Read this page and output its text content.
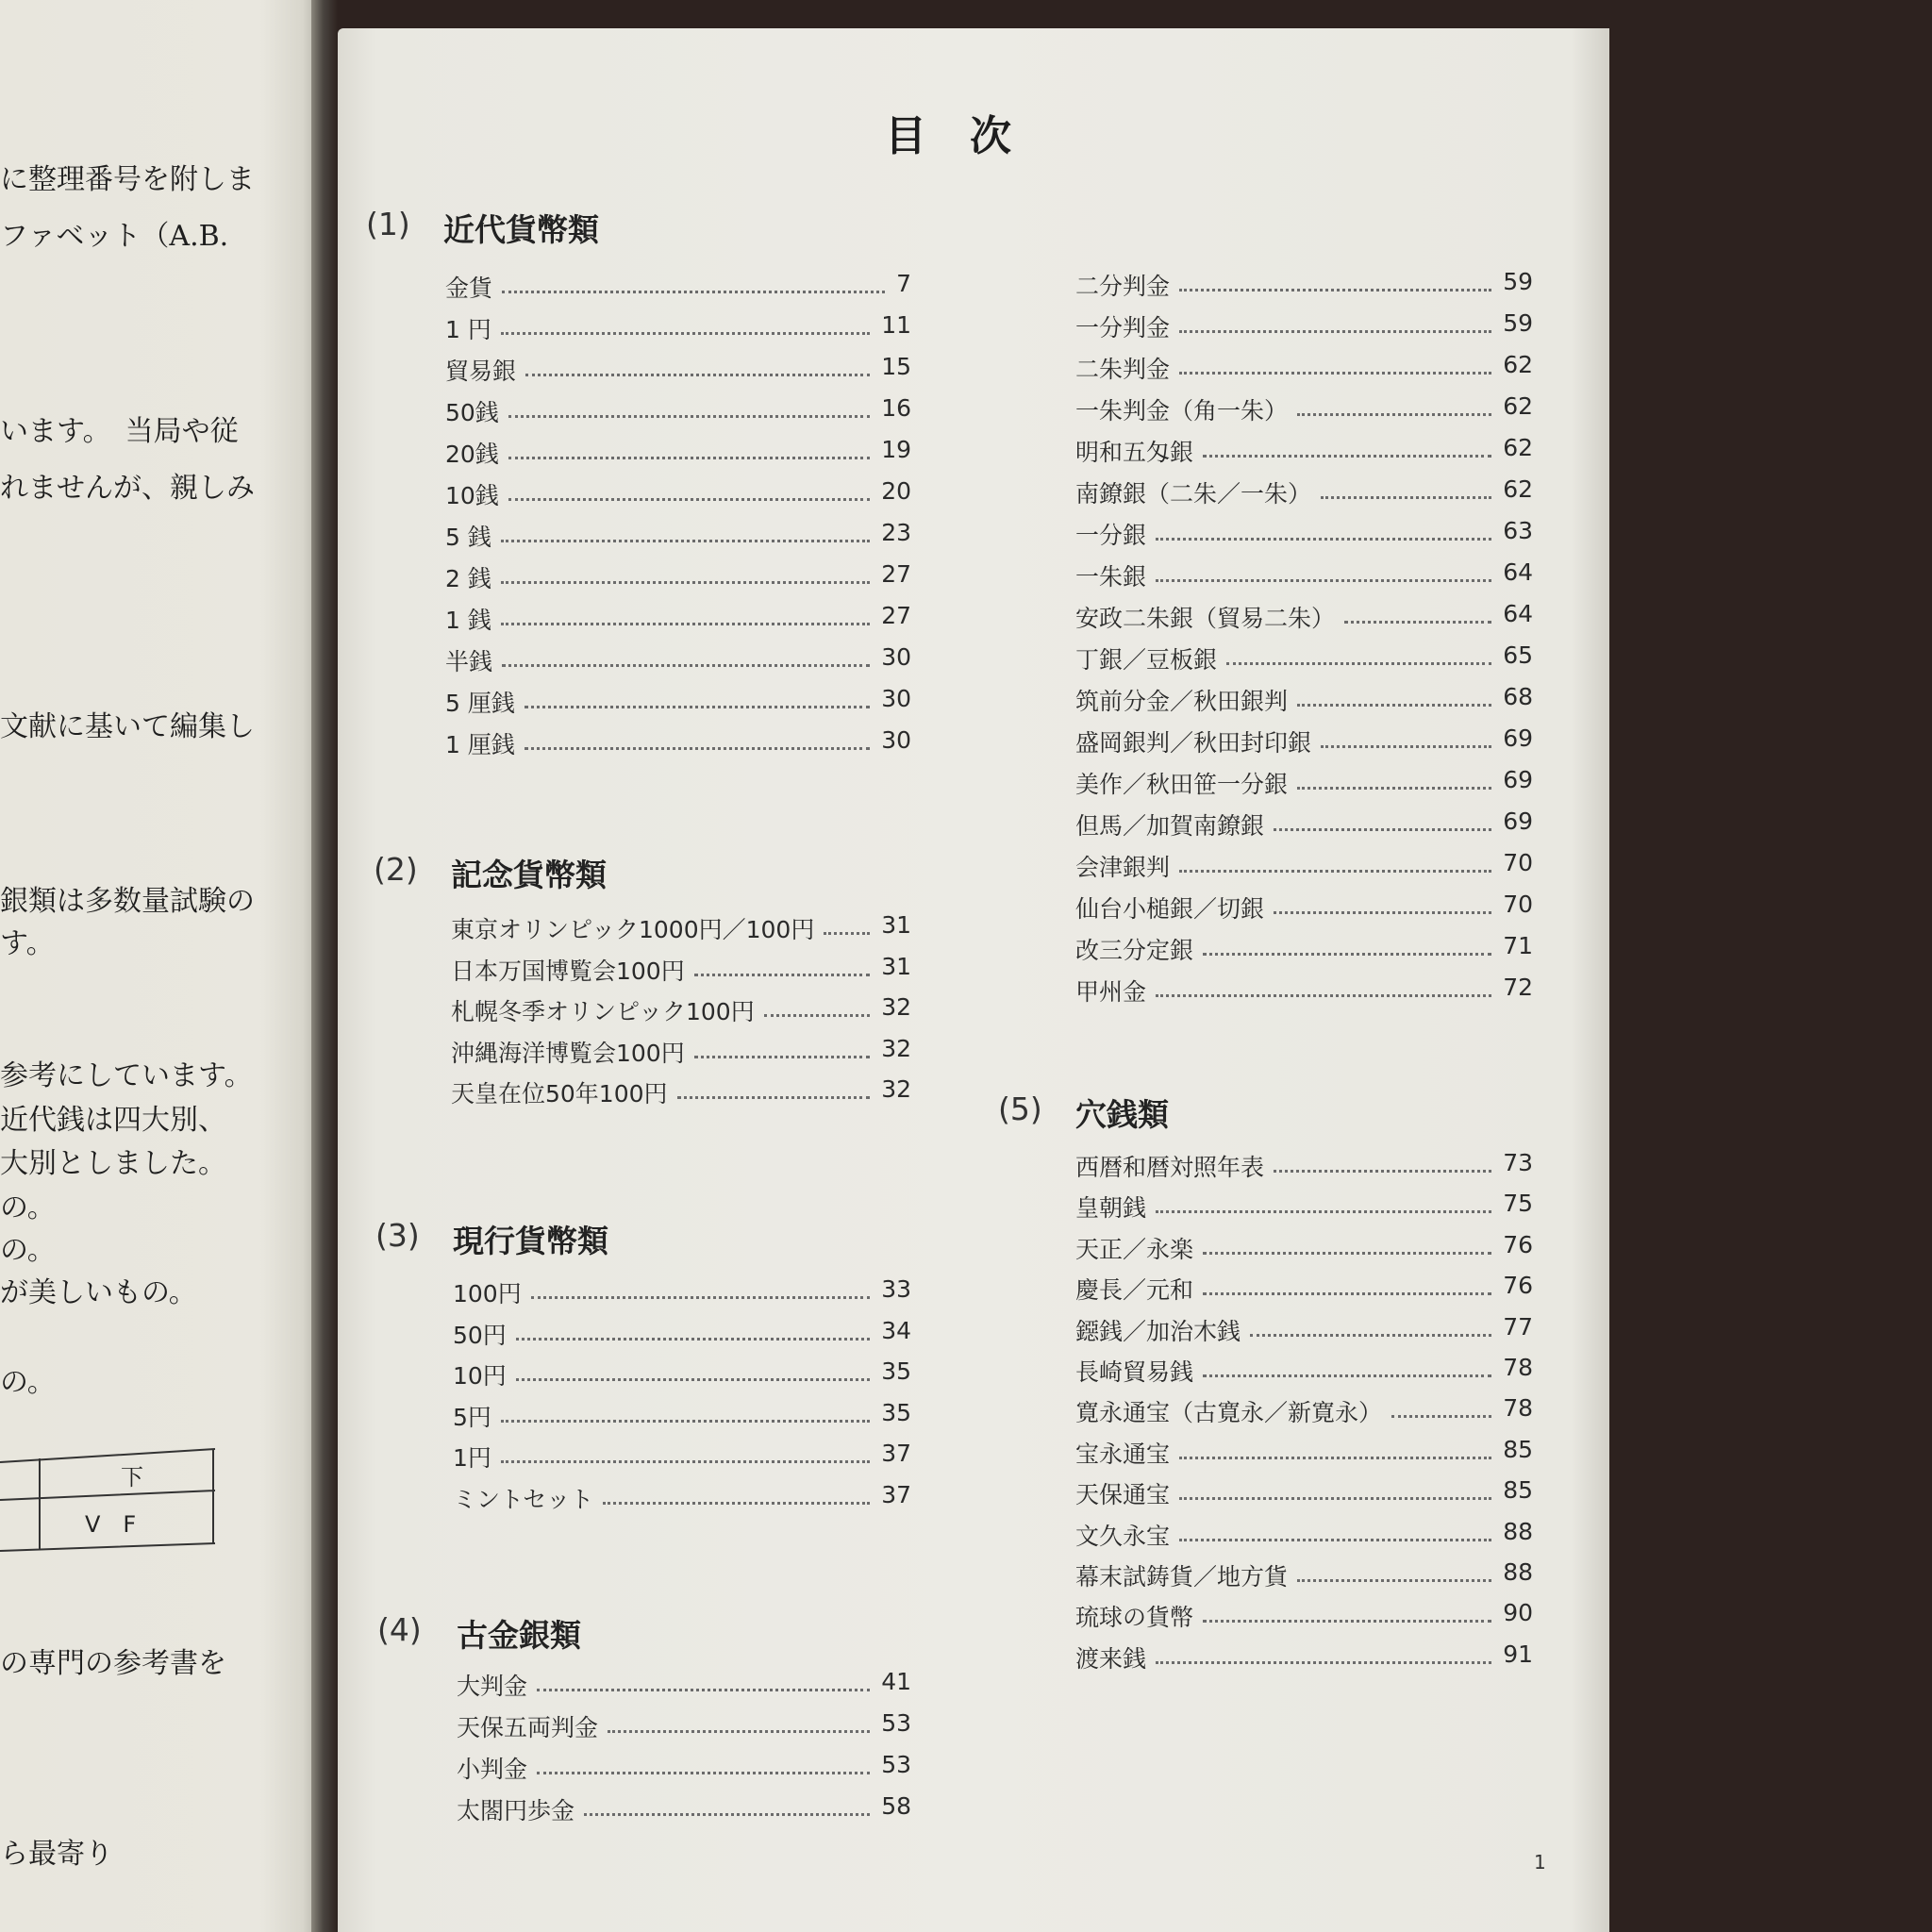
に整理番号を附しま
ファベット（A.B.
います。　当局や従
れませんが、親しみ
文献に基いて編集し
銀類は多数量試験の
す。
参考にしています。
近代銭は四大別、
大別としました。
の。
の。
が美しいもの。
の。
の専門の参考書を
ら最寄り
下
V　F
目次
(1) 近代貨幣類
金貨	7
1 円	11
貿易銀	15
50銭	16
20銭	19
10銭	20
5 銭	23
2 銭	27
1 銭	27
半銭	30
5 厘銭	30
1 厘銭	30
(2) 記念貨幣類
東京オリンピック1000円／100円	31
日本万国博覧会100円	31
札幌冬季オリンピック100円	32
沖縄海洋博覧会100円	32
天皇在位50年100円	32
(3) 現行貨幣類
100円	33
50円	34
10円	35
5円	35
1円	37
ミントセット	37
(4) 古金銀類
大判金	41
天保五両判金	53
小判金	53
太閤円歩金	58
二分判金	59
一分判金	59
二朱判金	62
一朱判金（角一朱）	62
明和五匁銀	62
南鐐銀（二朱／一朱）	62
一分銀	63
一朱銀	64
安政二朱銀（貿易二朱）	64
丁銀／豆板銀	65
筑前分金／秋田銀判	68
盛岡銀判／秋田封印銀	69
美作／秋田笹一分銀	69
但馬／加賀南鐐銀	69
会津銀判	70
仙台小槌銀／切銀	70
改三分定銀	71
甲州金	72
(5) 穴銭類
西暦和暦対照年表	73
皇朝銭	75
天正／永楽	76
慶長／元和	76
鐚銭／加治木銭	77
長崎貿易銭	78
寛永通宝（古寛永／新寛永）	78
宝永通宝	85
天保通宝	85
文久永宝	88
幕末試鋳貨／地方貨	88
琉球の貨幣	90
渡来銭	91
1
